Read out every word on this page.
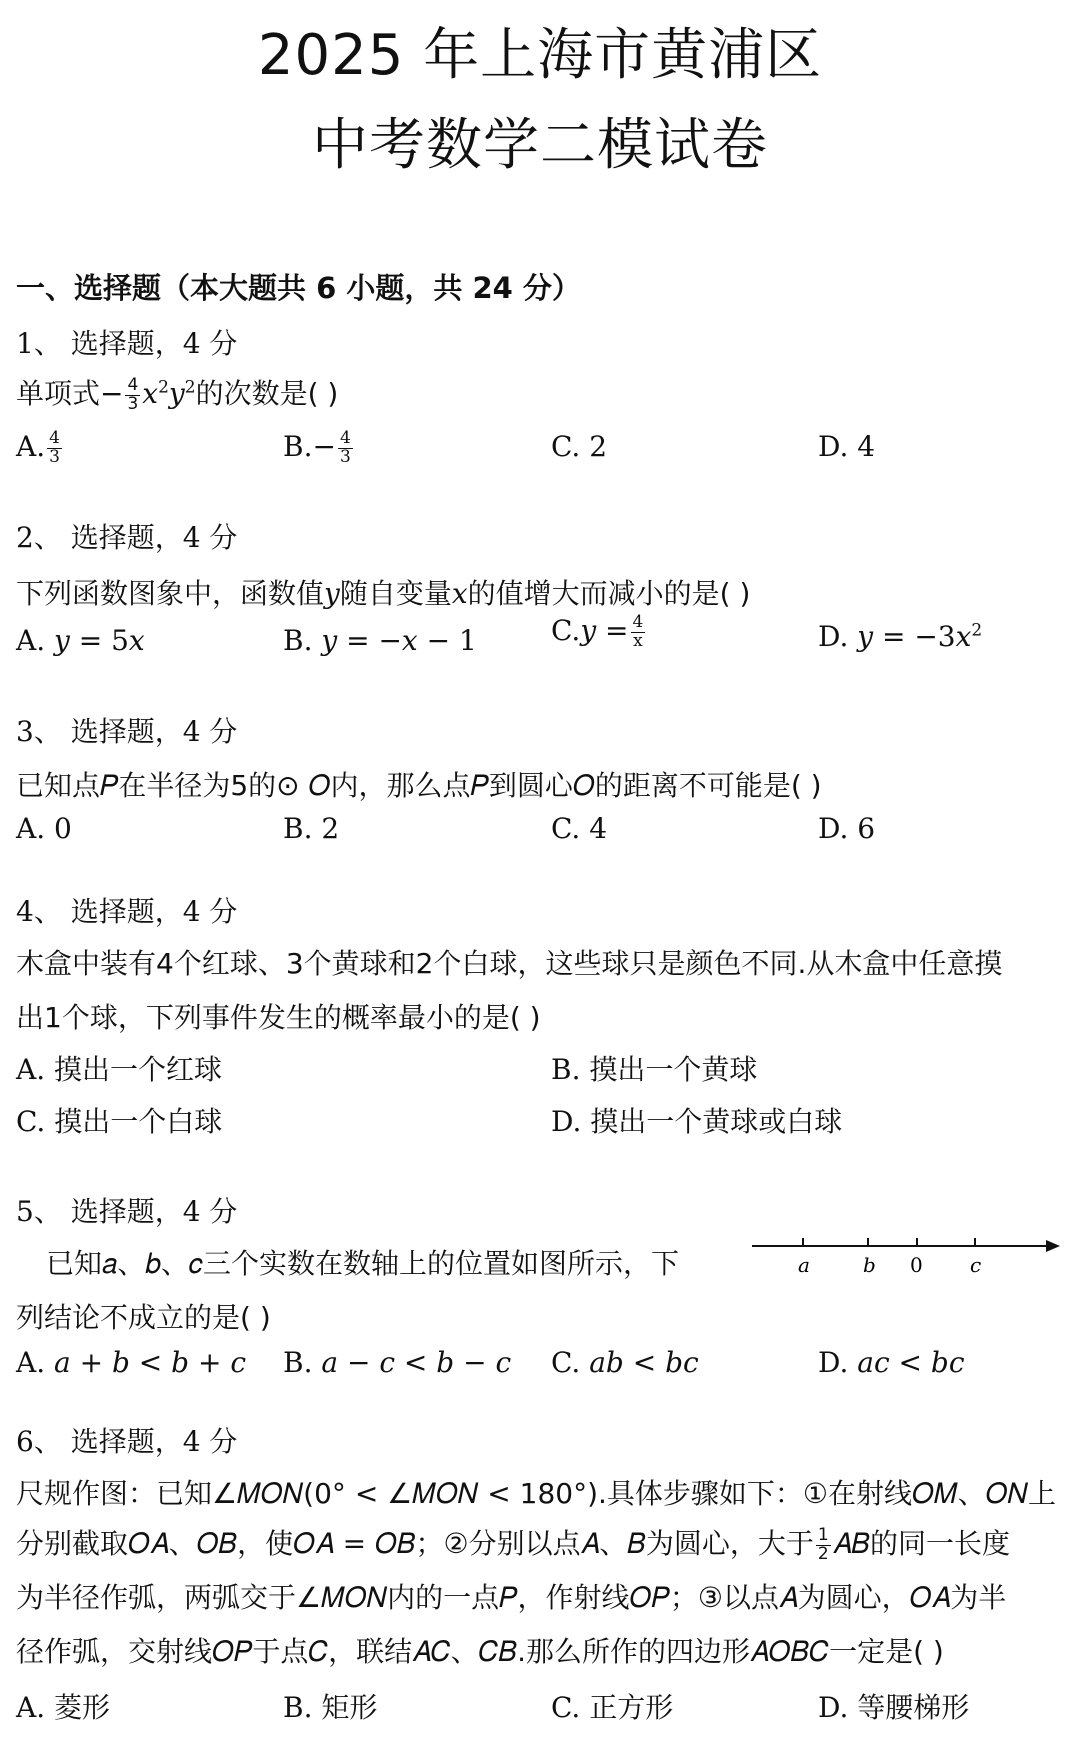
2025 年上海市黄浦区
中考数学二模试卷
一、选择题（本大题共 6 小题，共 24 分）
1、 选择题，4 分
单项式− $\frac{4}{3} x^2y^2$的次数是( )
A. $\frac{4}{3}$	$B.- \frac{4}{3}$	C. 2	D. 4
2、 选择题，4 分
下列函数图象中，函数值y随自变量x的值增大而减小的是( )
A. 𝑦 = 5𝑥	B. 𝑦 = −𝑥 − 1	$C.y = \frac{4}{x}$	D. 𝑦 = −3𝑥$^2$
3、 选择题，4 分
已知点𝑃在半径为5的⊙ 𝑂内，那么点𝑃到圆心𝑂的距离不可能是( )
A. 0	B. 2	C. 4	D. 6
4、 选择题，4 分
木盒中装有4个红球、3个黄球和2个白球，这些球只是颜色不同.从木盒中任意摸
出1个球，下列事件发生的概率最小的是( )
A. 摸出一个红球	B. 摸出一个黄球
C. 摸出一个白球	D. 摸出一个黄球或白球
5、 选择题，4 分
已知𝑎、𝑏、𝑐三个实数在数轴上的位置如图所示，下
列结论不成立的是( )
a	b 0 c
A. 𝑎 + 𝑏 < 𝑏 + 𝑐 B. 𝑎 − 𝑐 < 𝑏 − 𝑐 C. 𝑎𝑏 < 𝑏𝑐	D. 𝑎𝑐 < 𝑏𝑐
6、 选择题，4 分
尺规作图：已知∠𝑀𝑂𝑁(0° < ∠𝑀𝑂𝑁 < 180°).具体步骤如下：①在射线𝑂𝑀、𝑂𝑁上
分别截取𝑂𝐴、𝑂𝐵，使𝑂𝐴 = 𝑂𝐵；②分别以点𝐴、𝐵为圆心，大于 $\frac{1}{2}$ 𝐴𝐵的同一长度
为半径作弧，两弧交于∠𝑀𝑂𝑁内的一点𝑃，作射线𝑂𝑃；③以点𝐴为圆心，𝑂𝐴为半
径作弧，交射线𝑂𝑃于点𝐶，联结𝐴𝐶、𝐶𝐵.那么所作的四边形𝐴𝑂𝐵𝐶一定是( )
A. 菱形	B. 矩形	C. 正方形	D. 等腰梯形
